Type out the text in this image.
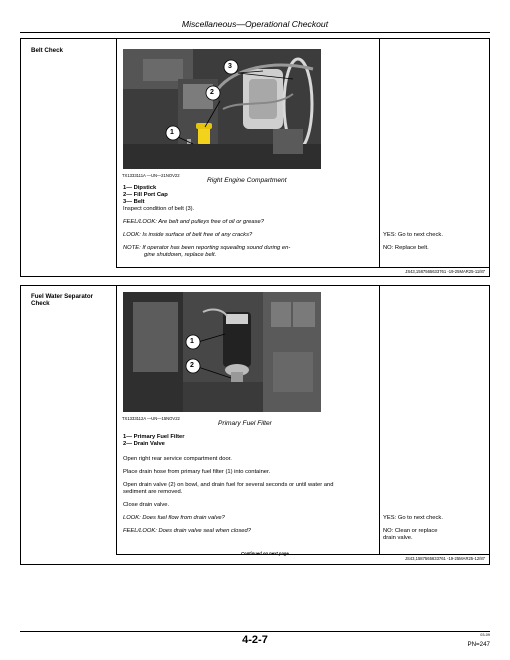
Miscellaneous—Operational Checkout
Belt Check
1
2
3
TX1333111A —UN—21NOV22
Right Engine Compartment
1— Dipstick
2— Fill Port Cap
3— Belt
Inspect condition of belt (3).
FEEL/LOOK: Are belt and pulleys free of oil or grease?
LOOK: Is inside surface of belt free of any cracks?	YES: Go to next check.
NOTE: If operator has been reporting squealing sound during en-
gine shutdown, replace belt.
NO: Replace belt.
JS43,1587565633761 -19-25MAR25-11/87
Fuel Water Separator
Check
1
2
TX1333112A —UN—15NOV22
Primary Fuel Filter
1— Primary Fuel Filter
2— Drain Valve
Open right rear service compartment door.
Place drain hose from primary fuel filter (1) into container.
Open drain valve (2) on bowl, and drain fuel for several seconds or until water and
sediment are removed.
Close drain valve.
LOOK: Does fuel flow from drain valve?	YES: Go to next check.
FEEL/LOOK: Does drain valve seal when closed?	NO: Clean or replace
drain valve.
Continued on next page
JS43,1587565633761 -19-25MAR25-12/87
4-2-7	03-09
PN=247
